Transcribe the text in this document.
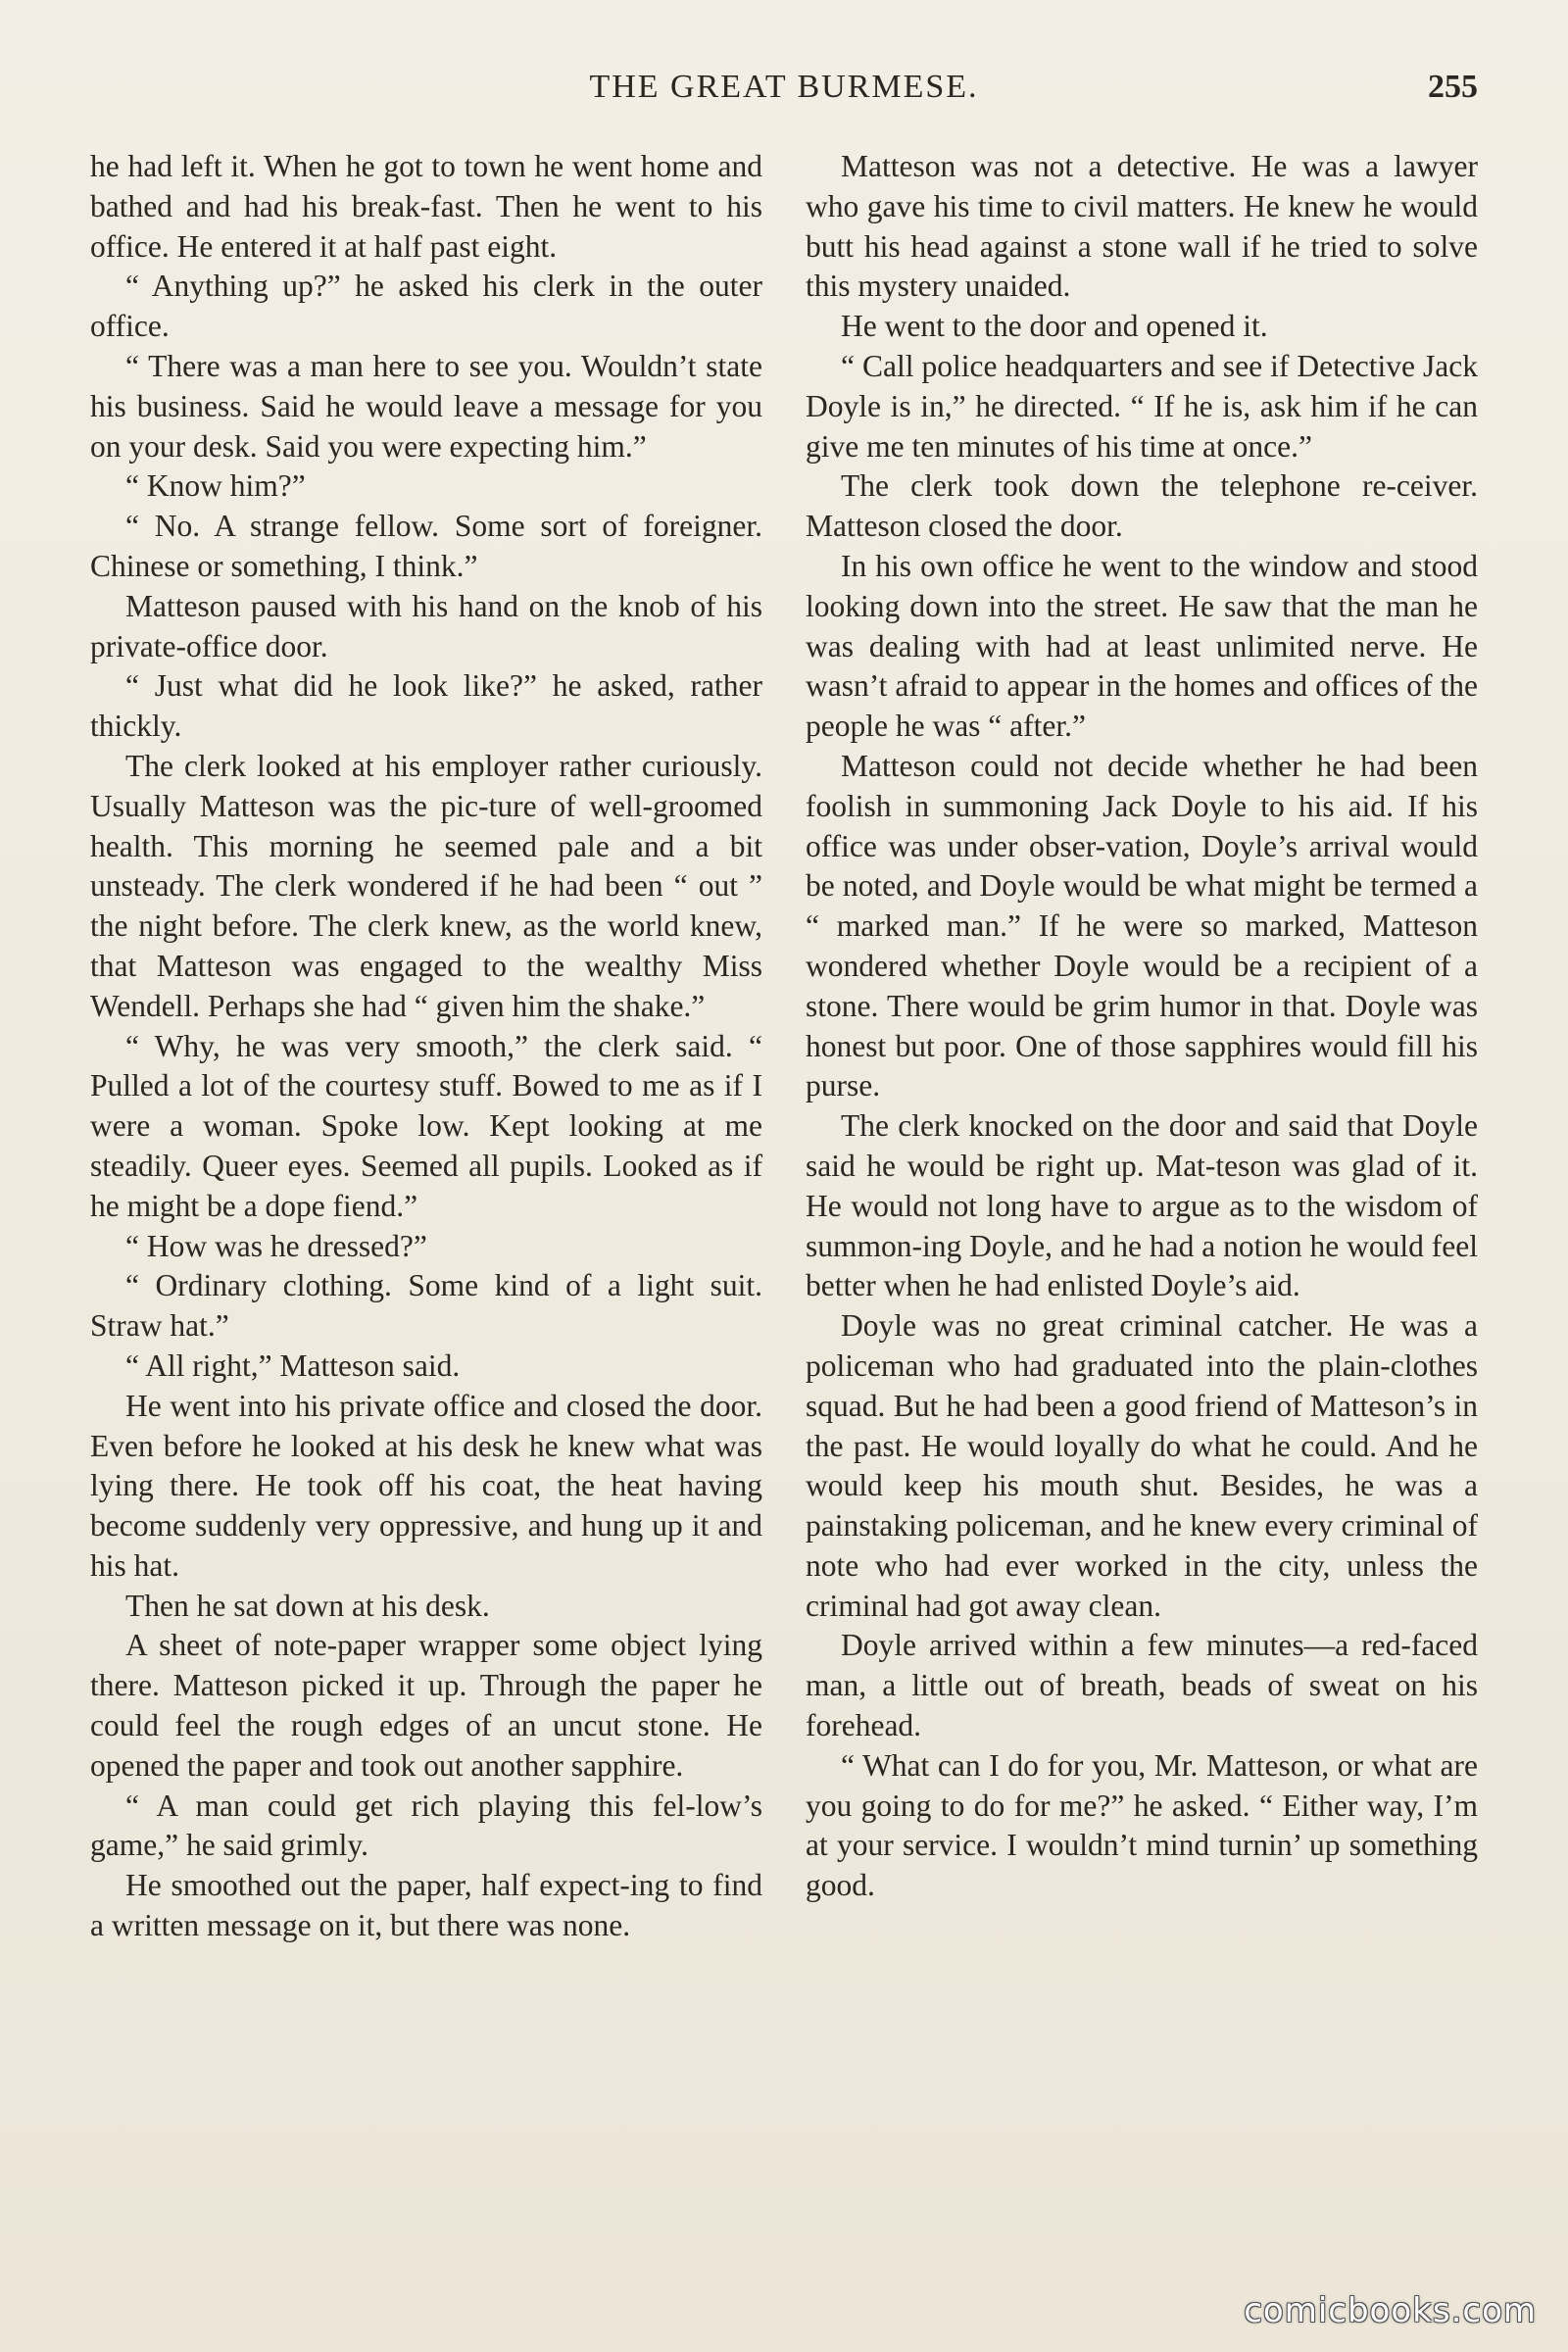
THE GREAT BURMESE.	255

he had left it. When he got to town he went home and bathed and had his break-fast. Then he went to his office. He entered it at half past eight.

“ Anything up?” he asked his clerk in the outer office.

“ There was a man here to see you. Wouldn’t state his business. Said he would leave a message for you on your desk. Said you were expecting him.”

“ Know him?”

“ No. A strange fellow. Some sort of foreigner. Chinese or something, I think.”

Matteson paused with his hand on the knob of his private-office door.

“ Just what did he look like?” he asked, rather thickly.

The clerk looked at his employer rather curiously. Usually Matteson was the pic-ture of well-groomed health. This morning he seemed pale and a bit unsteady. The clerk wondered if he had been “ out ” the night before. The clerk knew, as the world knew, that Matteson was engaged to the wealthy Miss Wendell. Perhaps she had “ given him the shake.”

“ Why, he was very smooth,” the clerk said. “ Pulled a lot of the courtesy stuff. Bowed to me as if I were a woman. Spoke low. Kept looking at me steadily. Queer eyes. Seemed all pupils. Looked as if he might be a dope fiend.”

“ How was he dressed?”

“ Ordinary clothing. Some kind of a light suit. Straw hat.”

“ All right,” Matteson said.

He went into his private office and closed the door. Even before he looked at his desk he knew what was lying there. He took off his coat, the heat having become suddenly very oppressive, and hung up it and his hat.

Then he sat down at his desk.

A sheet of note-paper wrapper some object lying there. Matteson picked it up. Through the paper he could feel the rough edges of an uncut stone. He opened the paper and took out another sapphire.

“ A man could get rich playing this fel-low’s game,” he said grimly.

He smoothed out the paper, half expect-ing to find a written message on it, but there was none.

Matteson was not a detective. He was a lawyer who gave his time to civil matters. He knew he would butt his head against a stone wall if he tried to solve this mystery unaided.

He went to the door and opened it.

“ Call police headquarters and see if Detective Jack Doyle is in,” he directed. “ If he is, ask him if he can give me ten minutes of his time at once.”

The clerk took down the telephone re-ceiver. Matteson closed the door.

In his own office he went to the window and stood looking down into the street. He saw that the man he was dealing with had at least unlimited nerve. He wasn’t afraid to appear in the homes and offices of the people he was “ after.”

Matteson could not decide whether he had been foolish in summoning Jack Doyle to his aid. If his office was under obser-vation, Doyle’s arrival would be noted, and Doyle would be what might be termed a “ marked man.” If he were so marked, Matteson wondered whether Doyle would be a recipient of a stone. There would be grim humor in that. Doyle was honest but poor. One of those sapphires would fill his purse.

The clerk knocked on the door and said that Doyle said he would be right up. Mat-teson was glad of it. He would not long have to argue as to the wisdom of summon-ing Doyle, and he had a notion he would feel better when he had enlisted Doyle’s aid.

Doyle was no great criminal catcher. He was a policeman who had graduated into the plain-clothes squad. But he had been a good friend of Matteson’s in the past. He would loyally do what he could. And he would keep his mouth shut. Besides, he was a painstaking policeman, and he knew every criminal of note who had ever worked in the city, unless the criminal had got away clean.

Doyle arrived within a few minutes—a red-faced man, a little out of breath, beads of sweat on his forehead.

“ What can I do for you, Mr. Matteson, or what are you going to do for me?” he asked. “ Either way, I’m at your service. I wouldn’t mind turnin’ up something good.

comicbooks.com
